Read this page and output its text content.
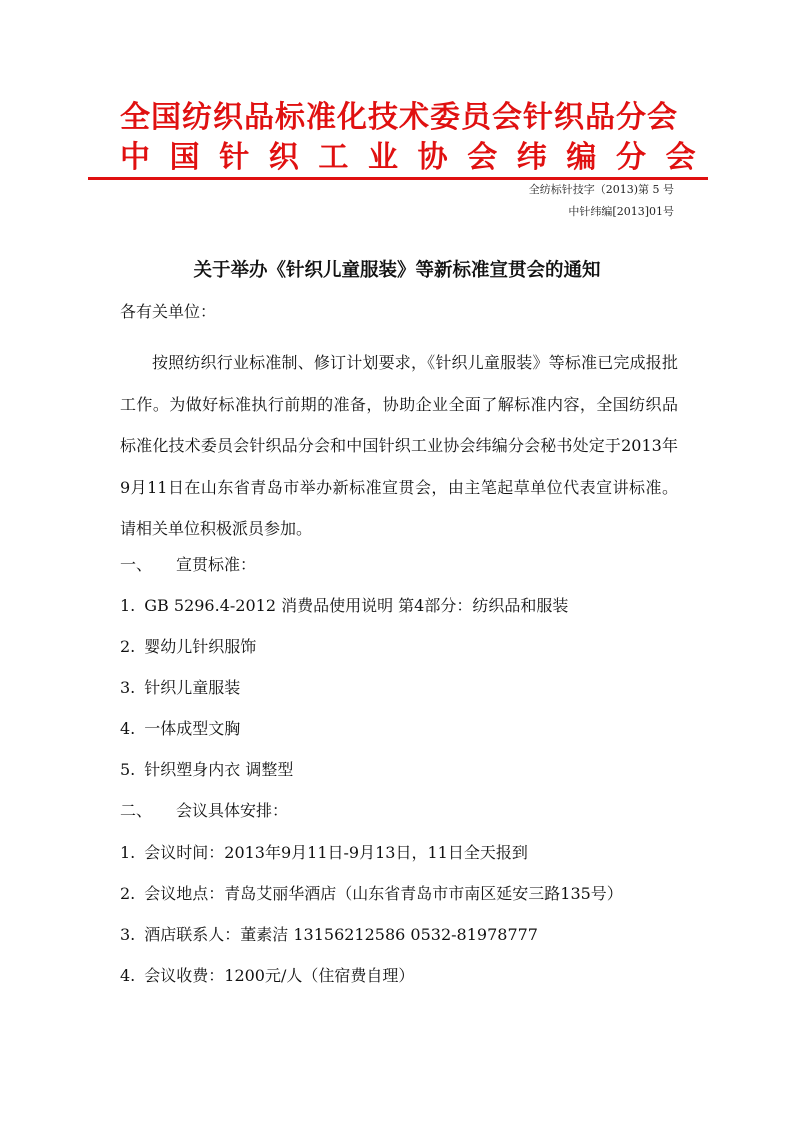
全国纺织品标准化技术委员会针织品分会
中国针织工业协会纬编分会
全纺标针技字（2013)第 5 号
中针纬编[2013]01号
关于举办《针织儿童服装》等新标准宣贯会的通知
各有关单位：
按照纺织行业标准制、修订计划要求，《针织儿童服装》等标准已完成报批工作。为做好标准执行前期的准备，协助企业全面了解标准内容，全国纺织品标准化技术委员会针织品分会和中国针织工业协会纬编分会秘书处定于2013年9月11日在山东省青岛市举办新标准宣贯会，由主笔起草单位代表宣讲标准。请相关单位积极派员参加。
一、 宣贯标准：
1. GB 5296.4-2012 消费品使用说明 第4部分：纺织品和服装
2. 婴幼儿针织服饰
3. 针织儿童服装
4. 一体成型文胸
5. 针织塑身内衣 调整型
二、 会议具体安排：
1. 会议时间：2013年9月11日-9月13日，11日全天报到
2. 会议地点：青岛艾丽华酒店（山东省青岛市市南区延安三路135号）
3. 酒店联系人：董素洁 13156212586 0532-81978777
4. 会议收费：1200元/人（住宿费自理）
